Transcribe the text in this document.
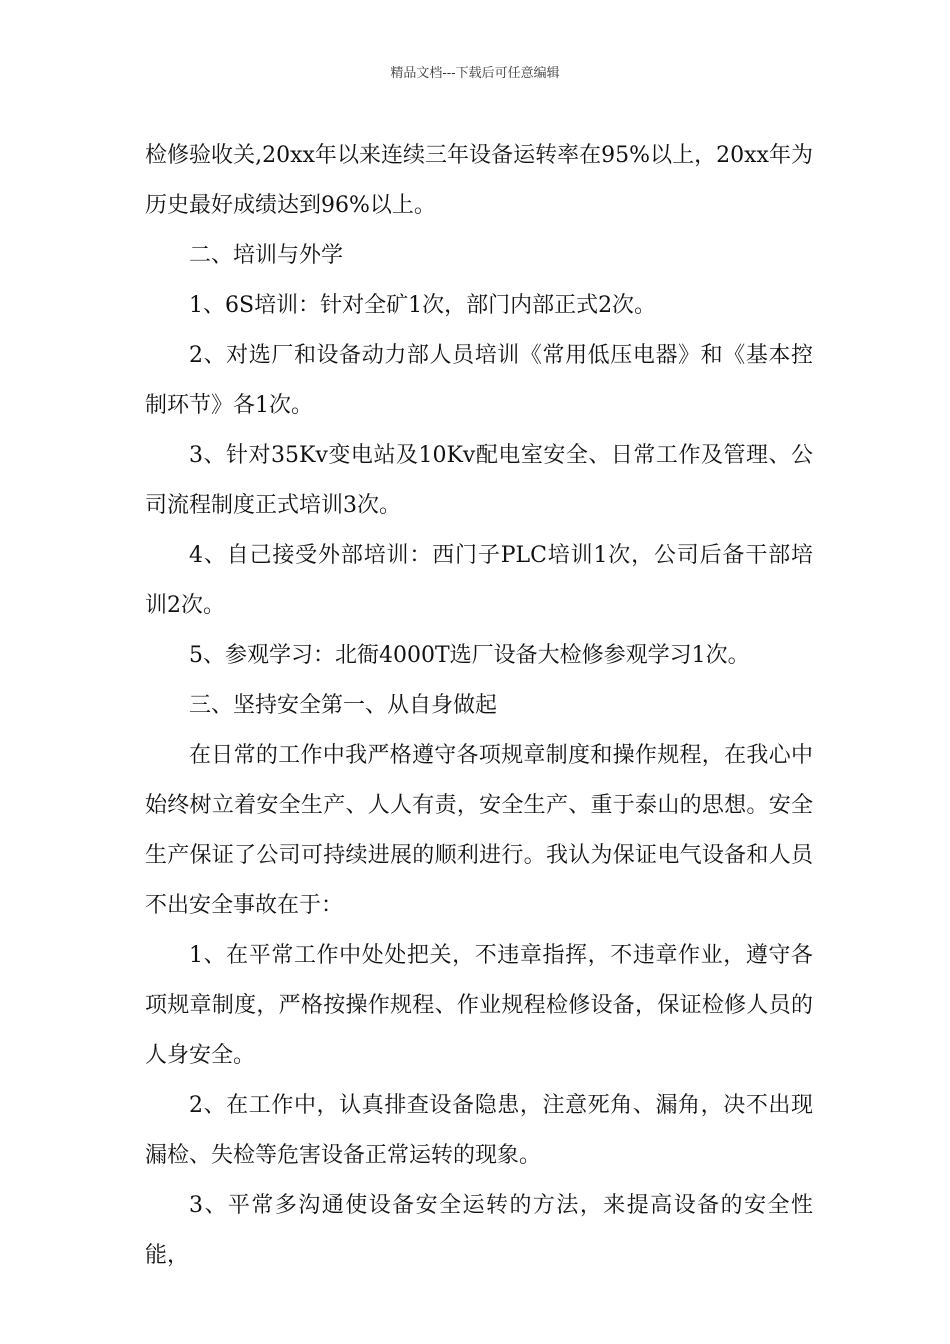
精品文档---下载后可任意编辑

检修验收关,20xx年以来连续三年设备运转率在95%以上，20xx年为历史最好成绩达到96%以上。

二、培训与外学

1、6S培训：针对全矿1次，部门内部正式2次。

2、对选厂和设备动力部人员培训《常用低压电器》和《基本控制环节》各1次。

3、针对35Kv变电站及10Kv配电室安全、日常工作及管理、公司流程制度正式培训3次。

4、自己接受外部培训：西门子PLC培训1次，公司后备干部培训2次。

5、参观学习：北衙4000T选厂设备大检修参观学习1次。

三、坚持安全第一、从自身做起

在日常的工作中我严格遵守各项规章制度和操作规程，在我心中始终树立着安全生产、人人有责，安全生产、重于泰山的思想。安全生产保证了公司可持续进展的顺利进行。我认为保证电气设备和人员不出安全事故在于：

1、在平常工作中处处把关，不违章指挥，不违章作业，遵守各项规章制度，严格按操作规程、作业规程检修设备，保证检修人员的人身安全。

2、在工作中，认真排查设备隐患，注意死角、漏角，决不出现漏检、失检等危害设备正常运转的现象。

3、平常多沟通使设备安全运转的方法，来提高设备的安全性能，
